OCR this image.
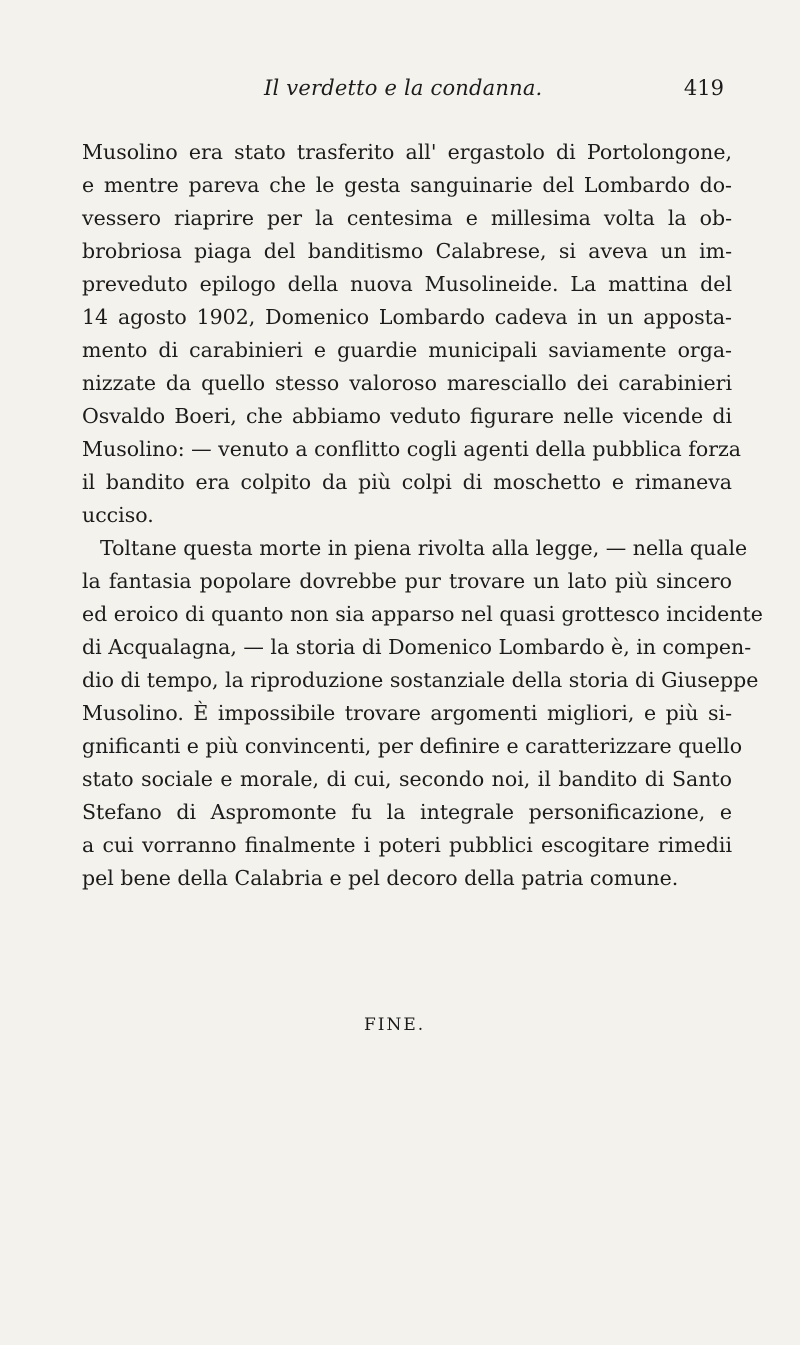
Il verdetto e la condanna.	419
Musolino era stato trasferito all' ergastolo di Portolongone,
e mentre pareva che le gesta sanguinarie del Lombardo do-
vessero riaprire per la centesima e millesima volta la ob-
brobriosa piaga del banditismo Calabrese, si aveva un im-
preveduto epilogo della nuova Musolineide. La mattina del
14 agosto 1902, Domenico Lombardo cadeva in un apposta-
mento di carabinieri e guardie municipali saviamente orga-
nizzate da quello stesso valoroso maresciallo dei carabinieri
Osvaldo Boeri, che abbiamo veduto figurare nelle vicende di
Musolino: — venuto a conflitto cogli agenti della pubblica forza
il bandito era colpito da più colpi di moschetto e rimaneva
ucciso.
Toltane questa morte in piena rivolta alla legge, — nella quale
la fantasia popolare dovrebbe pur trovare un lato più sincero
ed eroico di quanto non sia apparso nel quasi grottesco incidente
di Acqualagna, — la storia di Domenico Lombardo è, in compen-
dio di tempo, la riproduzione sostanziale della storia di Giuseppe
Musolino. È impossibile trovare argomenti migliori, e più si-
gnificanti e più convincenti, per definire e caratterizzare quello
stato sociale e morale, di cui, secondo noi, il bandito di Santo
Stefano di Aspromonte fu la integrale personificazione, e
a cui vorranno finalmente i poteri pubblici escogitare rimedii
pel bene della Calabria e pel decoro della patria comune.
FINE.
